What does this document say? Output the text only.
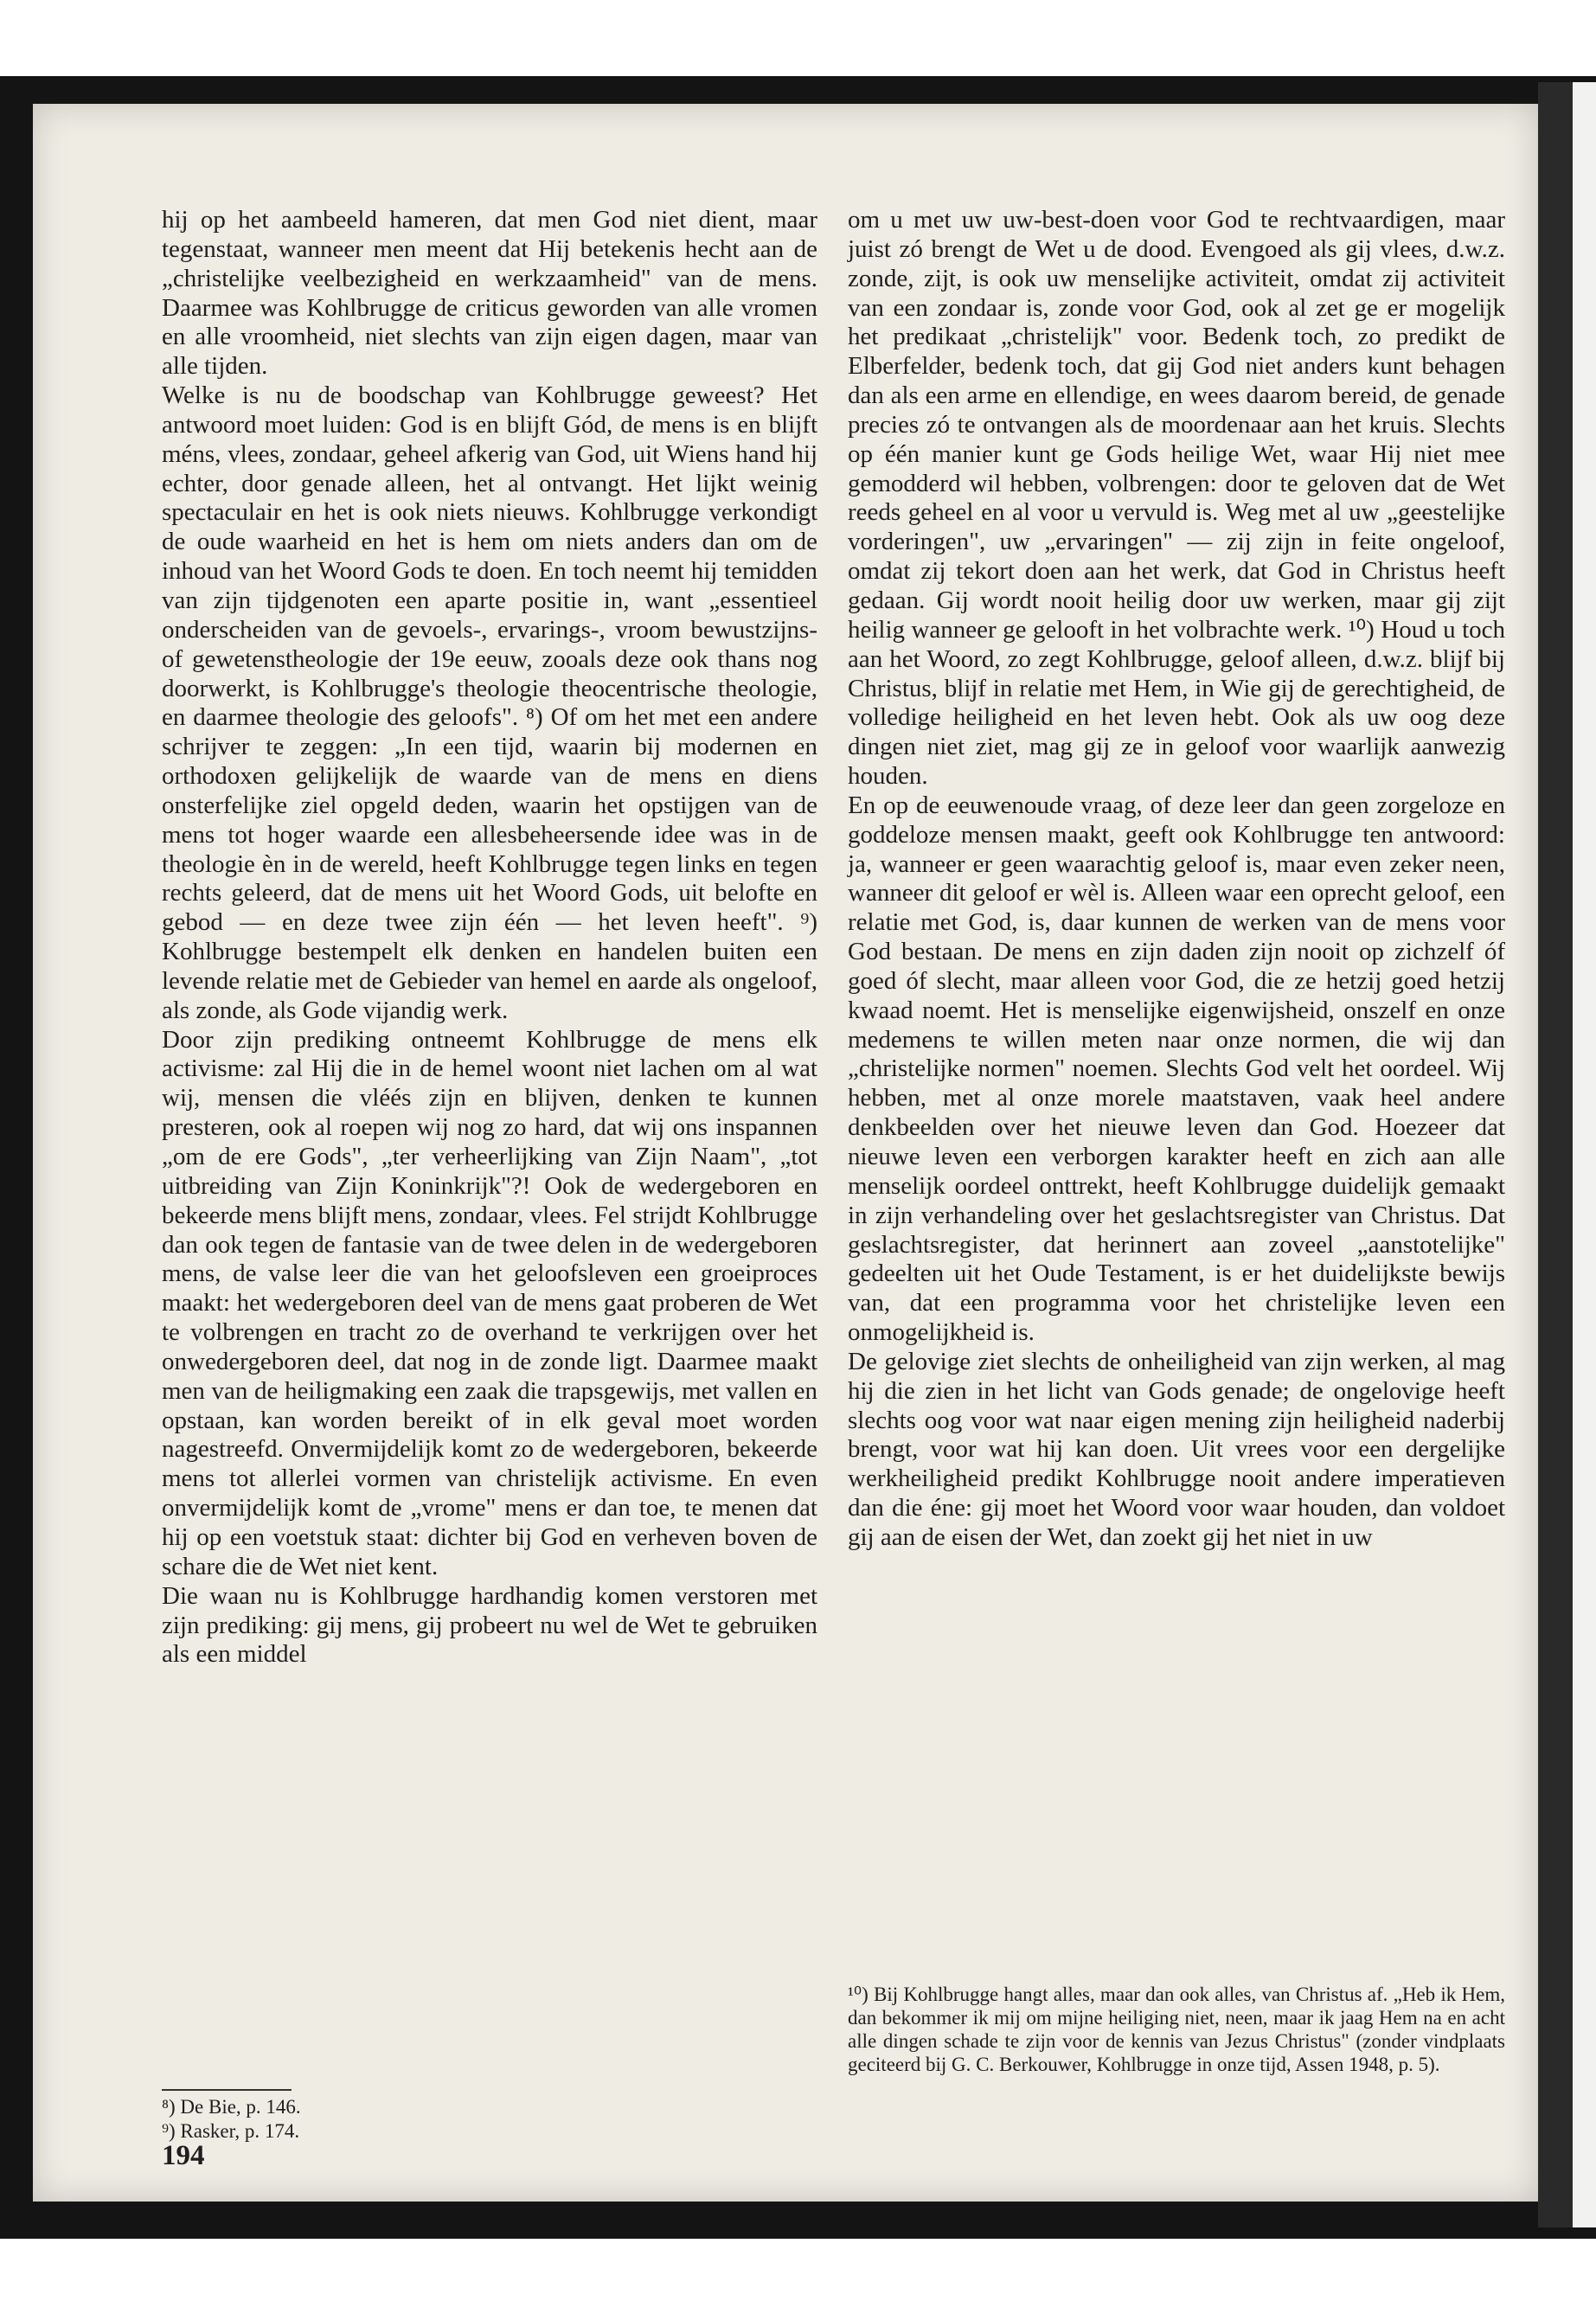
hij op het aambeeld hameren, dat men God niet dient, maar tegenstaat, wanneer men meent dat Hij betekenis hecht aan de „christelijke veelbezigheid en werkzaamheid" van de mens. Daarmee was Kohlbrugge de criticus geworden van alle vromen en alle vroomheid, niet slechts van zijn eigen dagen, maar van alle tijden.

Welke is nu de boodschap van Kohlbrugge geweest? Het antwoord moet luiden: God is en blijft Gód, de mens is en blijft méns, vlees, zondaar, geheel afkerig van God, uit Wiens hand hij echter, door genade alleen, het al ontvangt. Het lijkt weinig spectaculair en het is ook niets nieuws. Kohlbrugge verkondigt de oude waarheid en het is hem om niets anders dan om de inhoud van het Woord Gods te doen. En toch neemt hij temidden van zijn tijdgenoten een aparte positie in, want „essentieel onderscheiden van de gevoels-, ervarings-, vroom bewustzijns- of gewetenstheologie der 19e eeuw, zooals deze ook thans nog doorwerkt, is Kohlbrugge's theologie theocentrische theologie, en daarmee theologie des geloofs". ⁸) Of om het met een andere schrijver te zeggen: „In een tijd, waarin bij modernen en orthodoxen gelijkelijk de waarde van de mens en diens onsterfelijke ziel opgeld deden, waarin het opstijgen van de mens tot hoger waarde een allesbeheersende idee was in de theologie èn in de wereld, heeft Kohlbrugge tegen links en tegen rechts geleerd, dat de mens uit het Woord Gods, uit belofte en gebod — en deze twee zijn één — het leven heeft". ⁹) Kohlbrugge bestempelt elk denken en handelen buiten een levende relatie met de Gebieder van hemel en aarde als ongeloof, als zonde, als Gode vijandig werk.

Door zijn prediking ontneemt Kohlbrugge de mens elk activisme: zal Hij die in de hemel woont niet lachen om al wat wij, mensen die vléés zijn en blijven, denken te kunnen presteren, ook al roepen wij nog zo hard, dat wij ons inspannen „om de ere Gods", „ter verheerlijking van Zijn Naam", „tot uitbreiding van Zijn Koninkrijk"?! Ook de wedergeboren en bekeerde mens blijft mens, zondaar, vlees. Fel strijdt Kohlbrugge dan ook tegen de fantasie van de twee delen in de wedergeboren mens, de valse leer die van het geloofsleven een groeiproces maakt: het wedergeboren deel van de mens gaat proberen de Wet te volbrengen en tracht zo de overhand te verkrijgen over het onwedergeboren deel, dat nog in de zonde ligt. Daarmee maakt men van de heiligmaking een zaak die trapsgewijs, met vallen en opstaan, kan worden bereikt of in elk geval moet worden nagestreefd. Onvermijdelijk komt zo de wedergeboren, bekeerde mens tot allerlei vormen van christelijk activisme. En even onvermijdelijk komt de „vrome" mens er dan toe, te menen dat hij op een voetstuk staat: dichter bij God en verheven boven de schare die de Wet niet kent.

Die waan nu is Kohlbrugge hardhandig komen verstoren met zijn prediking: gij mens, gij probeert nu wel de Wet te gebruiken als een middel

om u met uw uw-best-doen voor God te rechtvaardigen, maar juist zó brengt de Wet u de dood. Evengoed als gij vlees, d.w.z. zonde, zijt, is ook uw menselijke activiteit, omdat zij activiteit van een zondaar is, zonde voor God, ook al zet ge er mogelijk het predikaat „christelijk" voor. Bedenk toch, zo predikt de Elberfelder, bedenk toch, dat gij God niet anders kunt behagen dan als een arme en ellendige, en wees daarom bereid, de genade precies zó te ontvangen als de moordenaar aan het kruis. Slechts op één manier kunt ge Gods heilige Wet, waar Hij niet mee gemodderd wil hebben, volbrengen: door te geloven dat de Wet reeds geheel en al voor u vervuld is. Weg met al uw „geestelijke vorderingen", uw „ervaringen" — zij zijn in feite ongeloof, omdat zij tekort doen aan het werk, dat God in Christus heeft gedaan. Gij wordt nooit heilig door uw werken, maar gij zijt heilig wanneer ge gelooft in het volbrachte werk. ¹⁰) Houd u toch aan het Woord, zo zegt Kohlbrugge, geloof alleen, d.w.z. blijf bij Christus, blijf in relatie met Hem, in Wie gij de gerechtigheid, de volledige heiligheid en het leven hebt. Ook als uw oog deze dingen niet ziet, mag gij ze in geloof voor waarlijk aanwezig houden.

En op de eeuwenoude vraag, of deze leer dan geen zorgeloze en goddeloze mensen maakt, geeft ook Kohlbrugge ten antwoord: ja, wanneer er geen waarachtig geloof is, maar even zeker neen, wanneer dit geloof er wèl is. Alleen waar een oprecht geloof, een relatie met God, is, daar kunnen de werken van de mens voor God bestaan. De mens en zijn daden zijn nooit op zichzelf óf goed óf slecht, maar alleen voor God, die ze hetzij goed hetzij kwaad noemt. Het is menselijke eigenwijsheid, onszelf en onze medemens te willen meten naar onze normen, die wij dan „christelijke normen" noemen. Slechts God velt het oordeel. Wij hebben, met al onze morele maatstaven, vaak heel andere denkbeelden over het nieuwe leven dan God. Hoezeer dat nieuwe leven een verborgen karakter heeft en zich aan alle menselijk oordeel onttrekt, heeft Kohlbrugge duidelijk gemaakt in zijn verhandeling over het geslachtsregister van Christus. Dat geslachtsregister, dat herinnert aan zoveel „aanstotelijke" gedeelten uit het Oude Testament, is er het duidelijkste bewijs van, dat een programma voor het christelijke leven een onmogelijkheid is.

De gelovige ziet slechts de onheiligheid van zijn werken, al mag hij die zien in het licht van Gods genade; de ongelovige heeft slechts oog voor wat naar eigen mening zijn heiligheid naderbij brengt, voor wat hij kan doen. Uit vrees voor een dergelijke werkheiligheid predikt Kohlbrugge nooit andere imperatieven dan die éne: gij moet het Woord voor waar houden, dan voldoet gij aan de eisen der Wet, dan zoekt gij het niet in uw

⁸) De Bie, p. 146.
⁹) Rasker, p. 174.
¹⁰) Bij Kohlbrugge hangt alles, maar dan ook alles, van Christus af. „Heb ik Hem, dan bekommer ik mij om mijne heiliging niet, neen, maar ik jaag Hem na en acht alle dingen schade te zijn voor de kennis van Jezus Christus" (zonder vindplaats geciteerd bij G. C. Berkouwer, Kohlbrugge in onze tijd, Assen 1948, p. 5).
194
